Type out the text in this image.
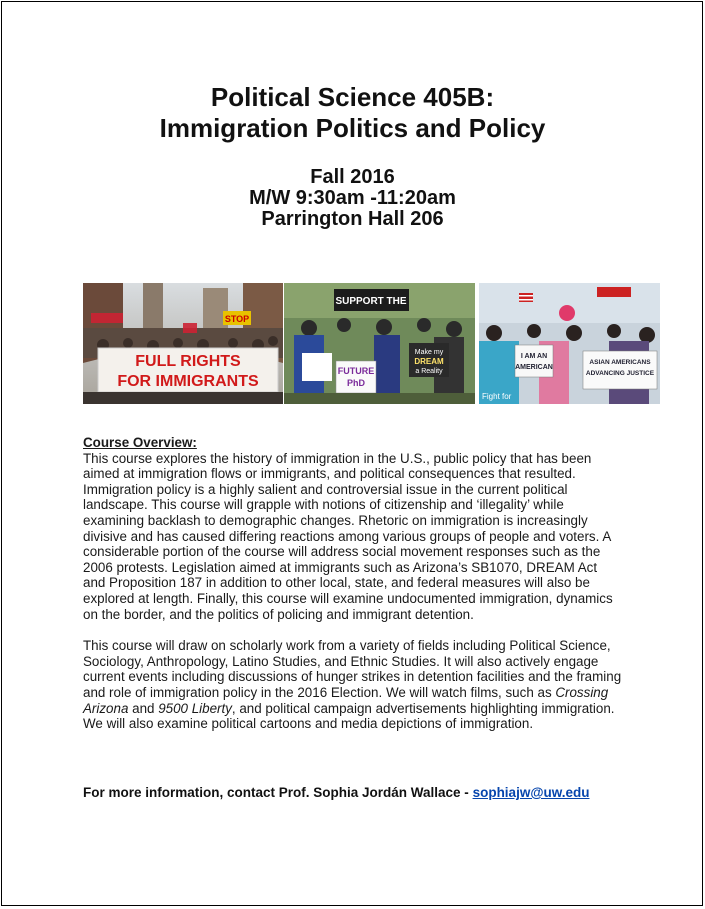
Political Science 405B:
Immigration Politics and Policy
Fall 2016
M/W 9:30am -11:20am
Parrington Hall 206
STOP
FULL RIGHTS
FOR IMMIGRANTS
SUPPORT THE
FUTURE
PhD
Make my
DREAM
a Reality
I AM AN
AMERICAN
ASIAN AMERICANS
ADVANCING JUSTICE
Fight for
Course Overview:

This course explores the history of immigration in the U.S., public policy that has been aimed at immigration flows or immigrants, and political consequences that resulted. Immigration policy is a highly salient and controversial issue in the current political landscape. This course will grapple with notions of citizenship and ‘illegality’ while examining backlash to demographic changes. Rhetoric on immigration is increasingly divisive and has caused differing reactions among various groups of people and voters. A considerable portion of the course will address social movement responses such as the 2006 protests. Legislation aimed at immigrants such as Arizona’s SB1070, DREAM Act and Proposition 187 in addition to other local, state, and federal measures will also be explored at length. Finally, this course will examine undocumented immigration, dynamics on the border, and the politics of policing and immigrant detention.

This course will draw on scholarly work from a variety of fields including Political Science, Sociology, Anthropology, Latino Studies, and Ethnic Studies. It will also actively engage current events including discussions of hunger strikes in detention facilities and the framing and role of immigration policy in the 2016 Election. We will watch films, such as Crossing Arizona and 9500 Liberty, and political campaign advertisements highlighting immigration. We will also examine political cartoons and media depictions of immigration.

For more information, contact Prof. Sophia Jordán Wallace - sophiajw@uw.edu
